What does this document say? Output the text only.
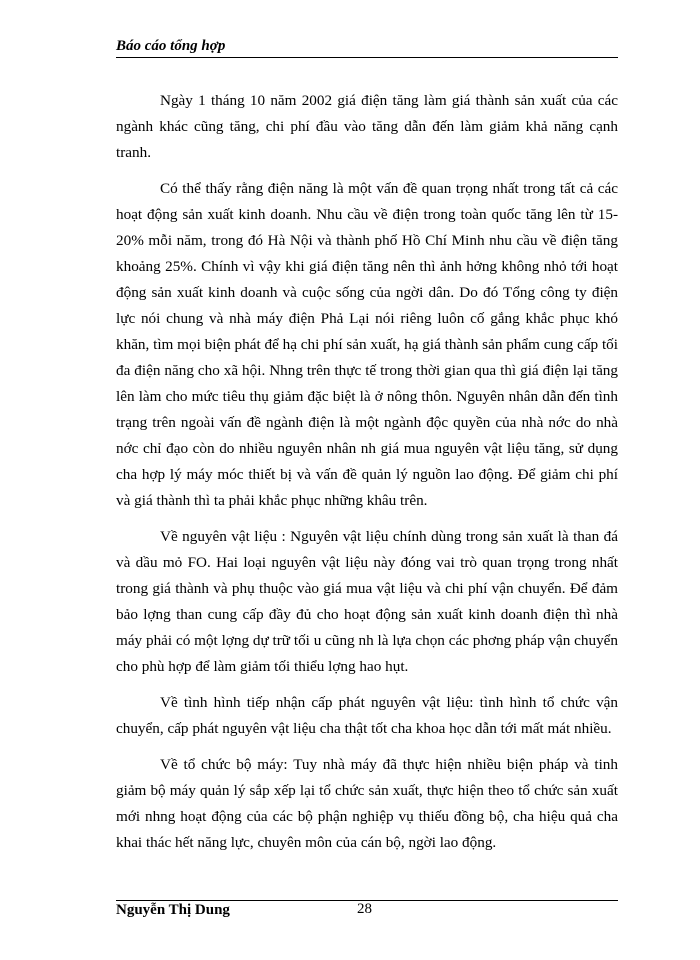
Báo cáo tổng hợp

Ngày 1 tháng 10 năm 2002 giá điện tăng làm giá thành sản xuất của các ngành khác cũng tăng, chi phí đầu vào tăng dẫn đến làm giảm khả năng cạnh tranh.

Có thể thấy rằng điện năng là một vấn đề quan trọng nhất trong tất cả các hoạt động sản xuất kinh doanh. Nhu cầu về điện trong toàn quốc tăng lên từ 15- 20% mỗi năm, trong đó Hà Nội và thành phố Hồ Chí Minh nhu cầu về điện tăng khoảng 25%. Chính vì vậy khi giá điện tăng nên thì ảnh hởng không nhỏ tới hoạt động sản xuất kinh doanh và cuộc sống của ngời dân. Do đó Tổng công ty điện lực nói chung và nhà máy điện Phả Lại nói riêng luôn cố gắng khắc phục khó khăn, tìm mọi biện phát để hạ chi phí sản xuất, hạ giá thành sản phẩm cung cấp tối đa điện năng cho xã hội. Nhng trên thực tế trong thời gian qua thì giá điện lại tăng lên làm cho mức tiêu thụ giảm đặc biệt là ở nông thôn. Nguyên nhân dẫn đến tình trạng trên ngoài vấn đề ngành điện là một ngành độc quyền của nhà nớc do nhà nớc chỉ đạo còn do nhiều nguyên nhân nh giá mua nguyên vật liệu tăng, sử dụng cha hợp lý máy móc thiết bị và vấn đề quản lý nguồn lao động. Để giảm chi phí và giá thành thì ta phải khắc phục những khâu trên.

Về nguyên vật liệu : Nguyên vật liệu chính dùng trong sản xuất là than đá và dầu mỏ FO. Hai loại nguyên vật liệu này đóng vai trò quan trọng trong nhất trong giá thành và phụ thuộc vào giá mua vật liệu và chi phí vận chuyển. Để đảm bảo lợng than cung cấp đầy đủ cho hoạt động sản xuất kinh doanh điện thì nhà máy phải có một lợng dự trữ tối u cũng nh là lựa chọn các phơng pháp vận chuyển cho phù hợp để làm giảm tối thiểu lợng hao hụt.

Về tình hình tiếp nhận cấp phát nguyên vật liệu: tình hình tổ chức vận chuyển, cấp phát nguyên vật liệu cha thật tốt cha khoa học dẫn tới mất mát nhiều.

Về tổ chức bộ máy: Tuy nhà máy đã thực hiện nhiều biện pháp và tinh giảm bộ máy quản lý sắp xếp lại tổ chức sản xuất, thực hiện theo tổ chức sản xuất mới nhng hoạt động của các bộ phận nghiệp vụ thiếu đồng bộ, cha hiệu quả cha khai thác hết năng lực, chuyên môn của cán bộ, ngời lao động.

Nguyễn Thị Dung	28
